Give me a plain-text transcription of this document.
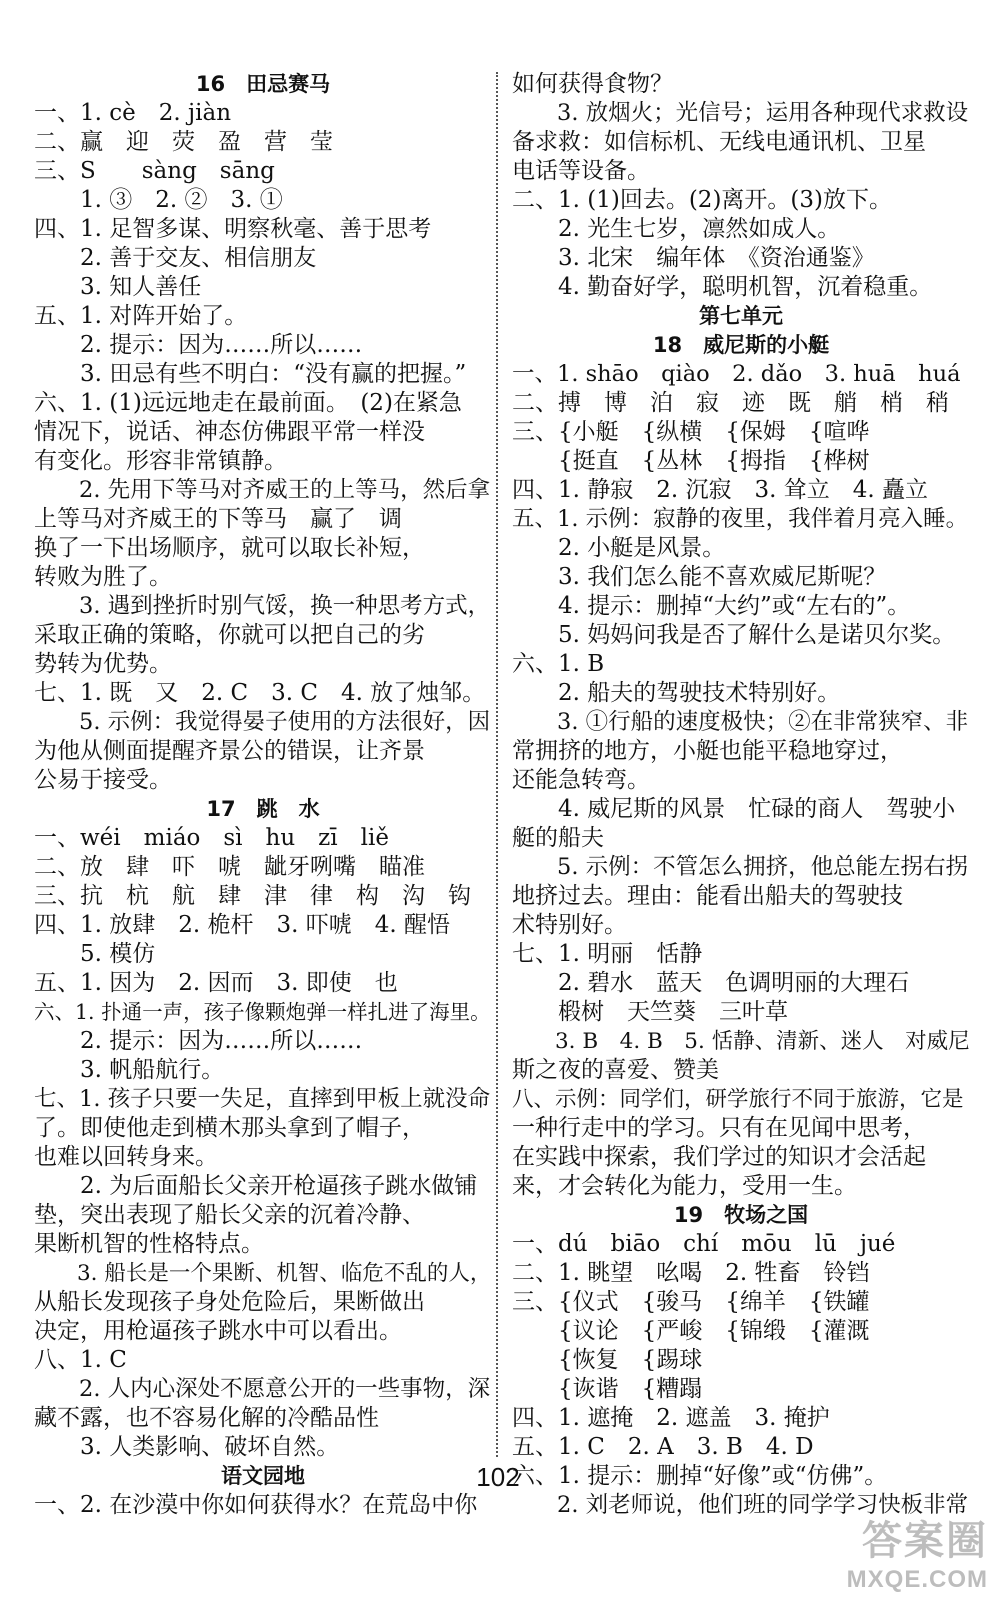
16　田忌赛马
一、1. cè　2. jiàn
二、赢　迎　荧　盈　营　莹
三、S　　sàng　sāng
　　1. ③　2. ②　3. ①
四、1. 足智多谋、明察秋毫、善于思考
　　2. 善于交友、相信朋友
　　3. 知人善任
五、1. 对阵开始了。
　　2. 提示：因为……所以……
　　3. 田忌有些不明白：“没有赢的把握。”
六、1. (1)远远地走在最前面。　(2)在紧急
情况下，说话、神态仿佛跟平常一样没
有变化。形容非常镇静。
　　2. 先用下等马对齐威王的上等马，然后拿
上等马对齐威王的下等马　赢了　调
换了一下出场顺序，就可以取长补短，
转败为胜了。
　　3. 遇到挫折时别气馁，换一种思考方式，
采取正确的策略，你就可以把自己的劣
势转为优势。
七、1. 既　又　2. C　3. C　4. 放了烛邹。
　　5. 示例：我觉得晏子使用的方法很好，因
为他从侧面提醒齐景公的错误，让齐景
公易于接受。
17　跳　水
一、wéi　miáo　sì　hu　zī　liě
二、放　肆　吓　唬　龇牙咧嘴　瞄准
三、抗　杭　航　肆　津　律　构　沟　钩
四、1. 放肆　2. 桅杆　3. 吓唬　4. 醒悟
　　5. 模仿
五、1. 因为　2. 因而　3. 即使　也
六、1. 扑通一声，孩子像颗炮弹一样扎进了海里。
　　2. 提示：因为……所以……
　　3. 帆船航行。
七、1. 孩子只要一失足，直摔到甲板上就没命
了。即使他走到横木那头拿到了帽子，
也难以回转身来。
　　2. 为后面船长父亲开枪逼孩子跳水做铺
垫，突出表现了船长父亲的沉着冷静、
果断机智的性格特点。
　　3. 船长是一个果断、机智、临危不乱的人，
从船长发现孩子身处危险后，果断做出
决定，用枪逼孩子跳水中可以看出。
八、1. C
　　2. 人内心深处不愿意公开的一些事物，深
藏不露，也不容易化解的冷酷品性
　　3. 人类影响、破坏自然。
语文园地
一、2. 在沙漠中你如何获得水？在荒岛中你
如何获得食物？
　　3. 放烟火；光信号；运用各种现代求救设
备求救：如信标机、无线电通讯机、卫星
电话等设备。
二、1. (1)回去。(2)离开。(3)放下。
　　2. 光生七岁，凛然如成人。
　　3. 北宋　编年体　《资治通鉴》
　　4. 勤奋好学，聪明机智，沉着稳重。
第七单元
18　威尼斯的小艇
一、1. shāo　qiào　2. dǎo　3. huā　huá
二、搏　博　泊　寂　迹　既　艄　梢　稍
三、{小艇　{纵横　{保姆　{喧哗
　　{挺直　{丛林　{拇指　{桦树
四、1. 静寂　2. 沉寂　3. 耸立　4. 矗立
五、1. 示例：寂静的夜里，我伴着月亮入睡。
　　2. 小艇是风景。
　　3. 我们怎么能不喜欢威尼斯呢？
　　4. 提示：删掉“大约”或“左右的”。
　　5. 妈妈问我是否了解什么是诺贝尔奖。
六、1. B
　　2. 船夫的驾驶技术特别好。
　　3. ①行船的速度极快；②在非常狭窄、非
常拥挤的地方，小艇也能平稳地穿过，
还能急转弯。
　　4. 威尼斯的风景　忙碌的商人　驾驶小
艇的船夫
　　5. 示例：不管怎么拥挤，他总能左拐右拐
地挤过去。理由：能看出船夫的驾驶技
术特别好。
七、1. 明丽　恬静
　　2. 碧水　蓝天　色调明丽的大理石
　　椴树　天竺葵　三叶草
　　3. B　4. B　5. 恬静、清新、迷人　对威尼
斯之夜的喜爱、赞美
八、示例：同学们，研学旅行不同于旅游，它是
一种行走中的学习。只有在见闻中思考，
在实践中探索，我们学过的知识才会活起
来，才会转化为能力，受用一生。
19　牧场之国
一、dú　biāo　chí　mōu　lū　jué
二、1. 眺望　吆喝　2. 牲畜　铃铛
三、{仪式　{骏马　{绵羊　{铁罐
　　{议论　{严峻　{锦缎　{灌溉
　　{恢复　{踢球
　　{诙谐　{糟蹋
四、1. 遮掩　2. 遮盖　3. 掩护
五、1. C　2. A　3. B　4. D
六、1. 提示：删掉“好像”或“仿佛”。
　　2. 刘老师说，他们班的同学学习快板非常
102
答案圈
MXQE.COM
